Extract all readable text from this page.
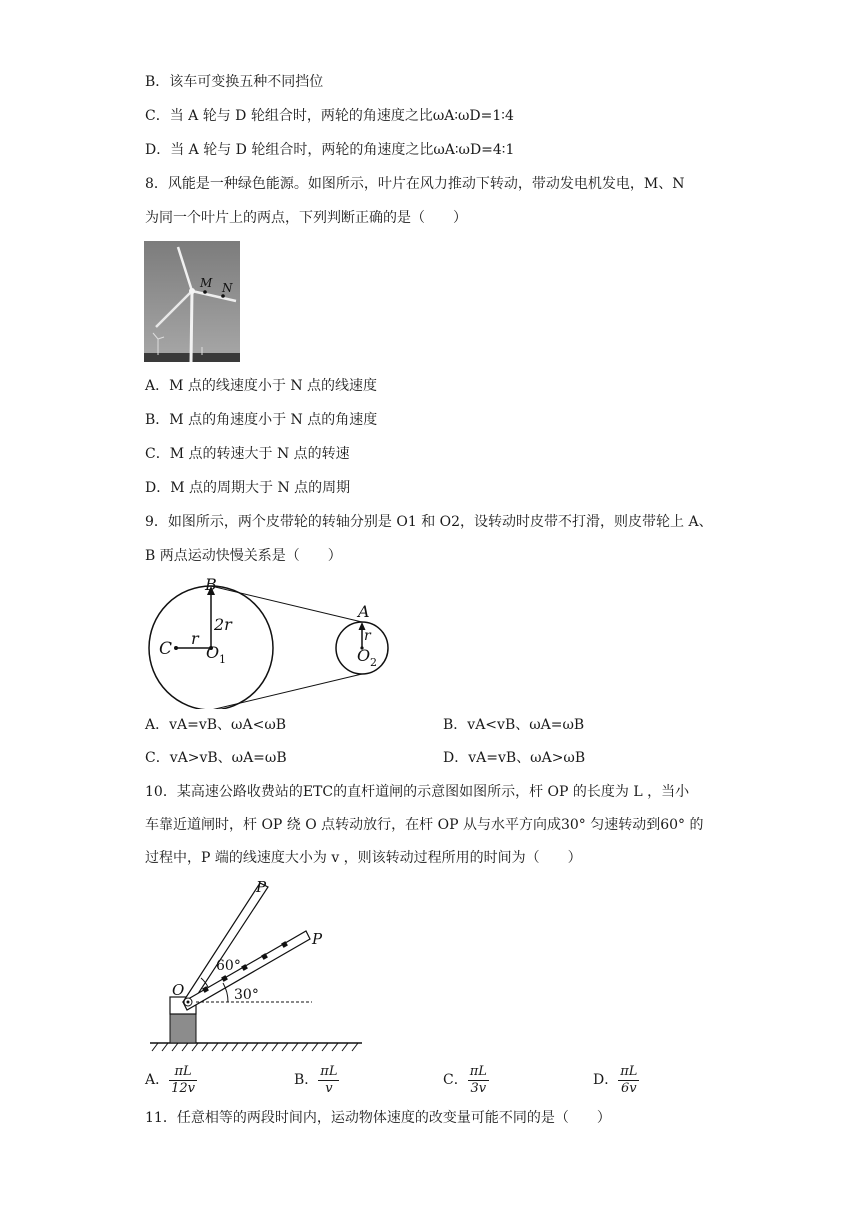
B．该车可变换五种不同挡位
C．当 A 轮与 D 轮组合时，两轮的角速度之比ωA∶ωD=1∶4
D．当 A 轮与 D 轮组合时，两轮的角速度之比ωA∶ωD=4∶1
8．风能是一种绿色能源。如图所示，叶片在风力推动下转动，带动发电机发电，M、N
为同一个叶片上的两点，下列判断正确的是（　　）
M N
A．M 点的线速度小于 N 点的线速度
B．M 点的角速度小于 N 点的角速度
C．M 点的转速大于 N 点的转速
D．M 点的周期大于 N 点的周期
9．如图所示，两个皮带轮的转轴分别是 O1 和 O2，设转动时皮带不打滑，则皮带轮上 A、
B 两点运动快慢关系是（　　）
B
2r
r
C O 1
A
r
O 2
A．vA=vB、ωA<ωB	B．vA<vB、ωA=ωB
C．vA>vB、ωA=ωB	D．vA=vB、ωA>ωB
10．某高速公路收费站的ETC的直杆道闸的示意图如图所示，杆 OP 的长度为 L ，当小
车靠近道闸时，杆 OP 绕 O 点转动放行，在杆 OP 从与水平方向成30° 匀速转动到60° 的
过程中，P 端的线速度大小为 v ，则该转动过程所用的时间为（　　）
P
P
O
60°
30°
A． $\frac{\pi L}{12v}$	B． $\frac{\pi L}{v}$	C． $\frac{\pi L}{3v}$	D． $\frac{\pi L}{6v}$
11．任意相等的两段时间内，运动物体速度的改变量可能不同的是（　　）
